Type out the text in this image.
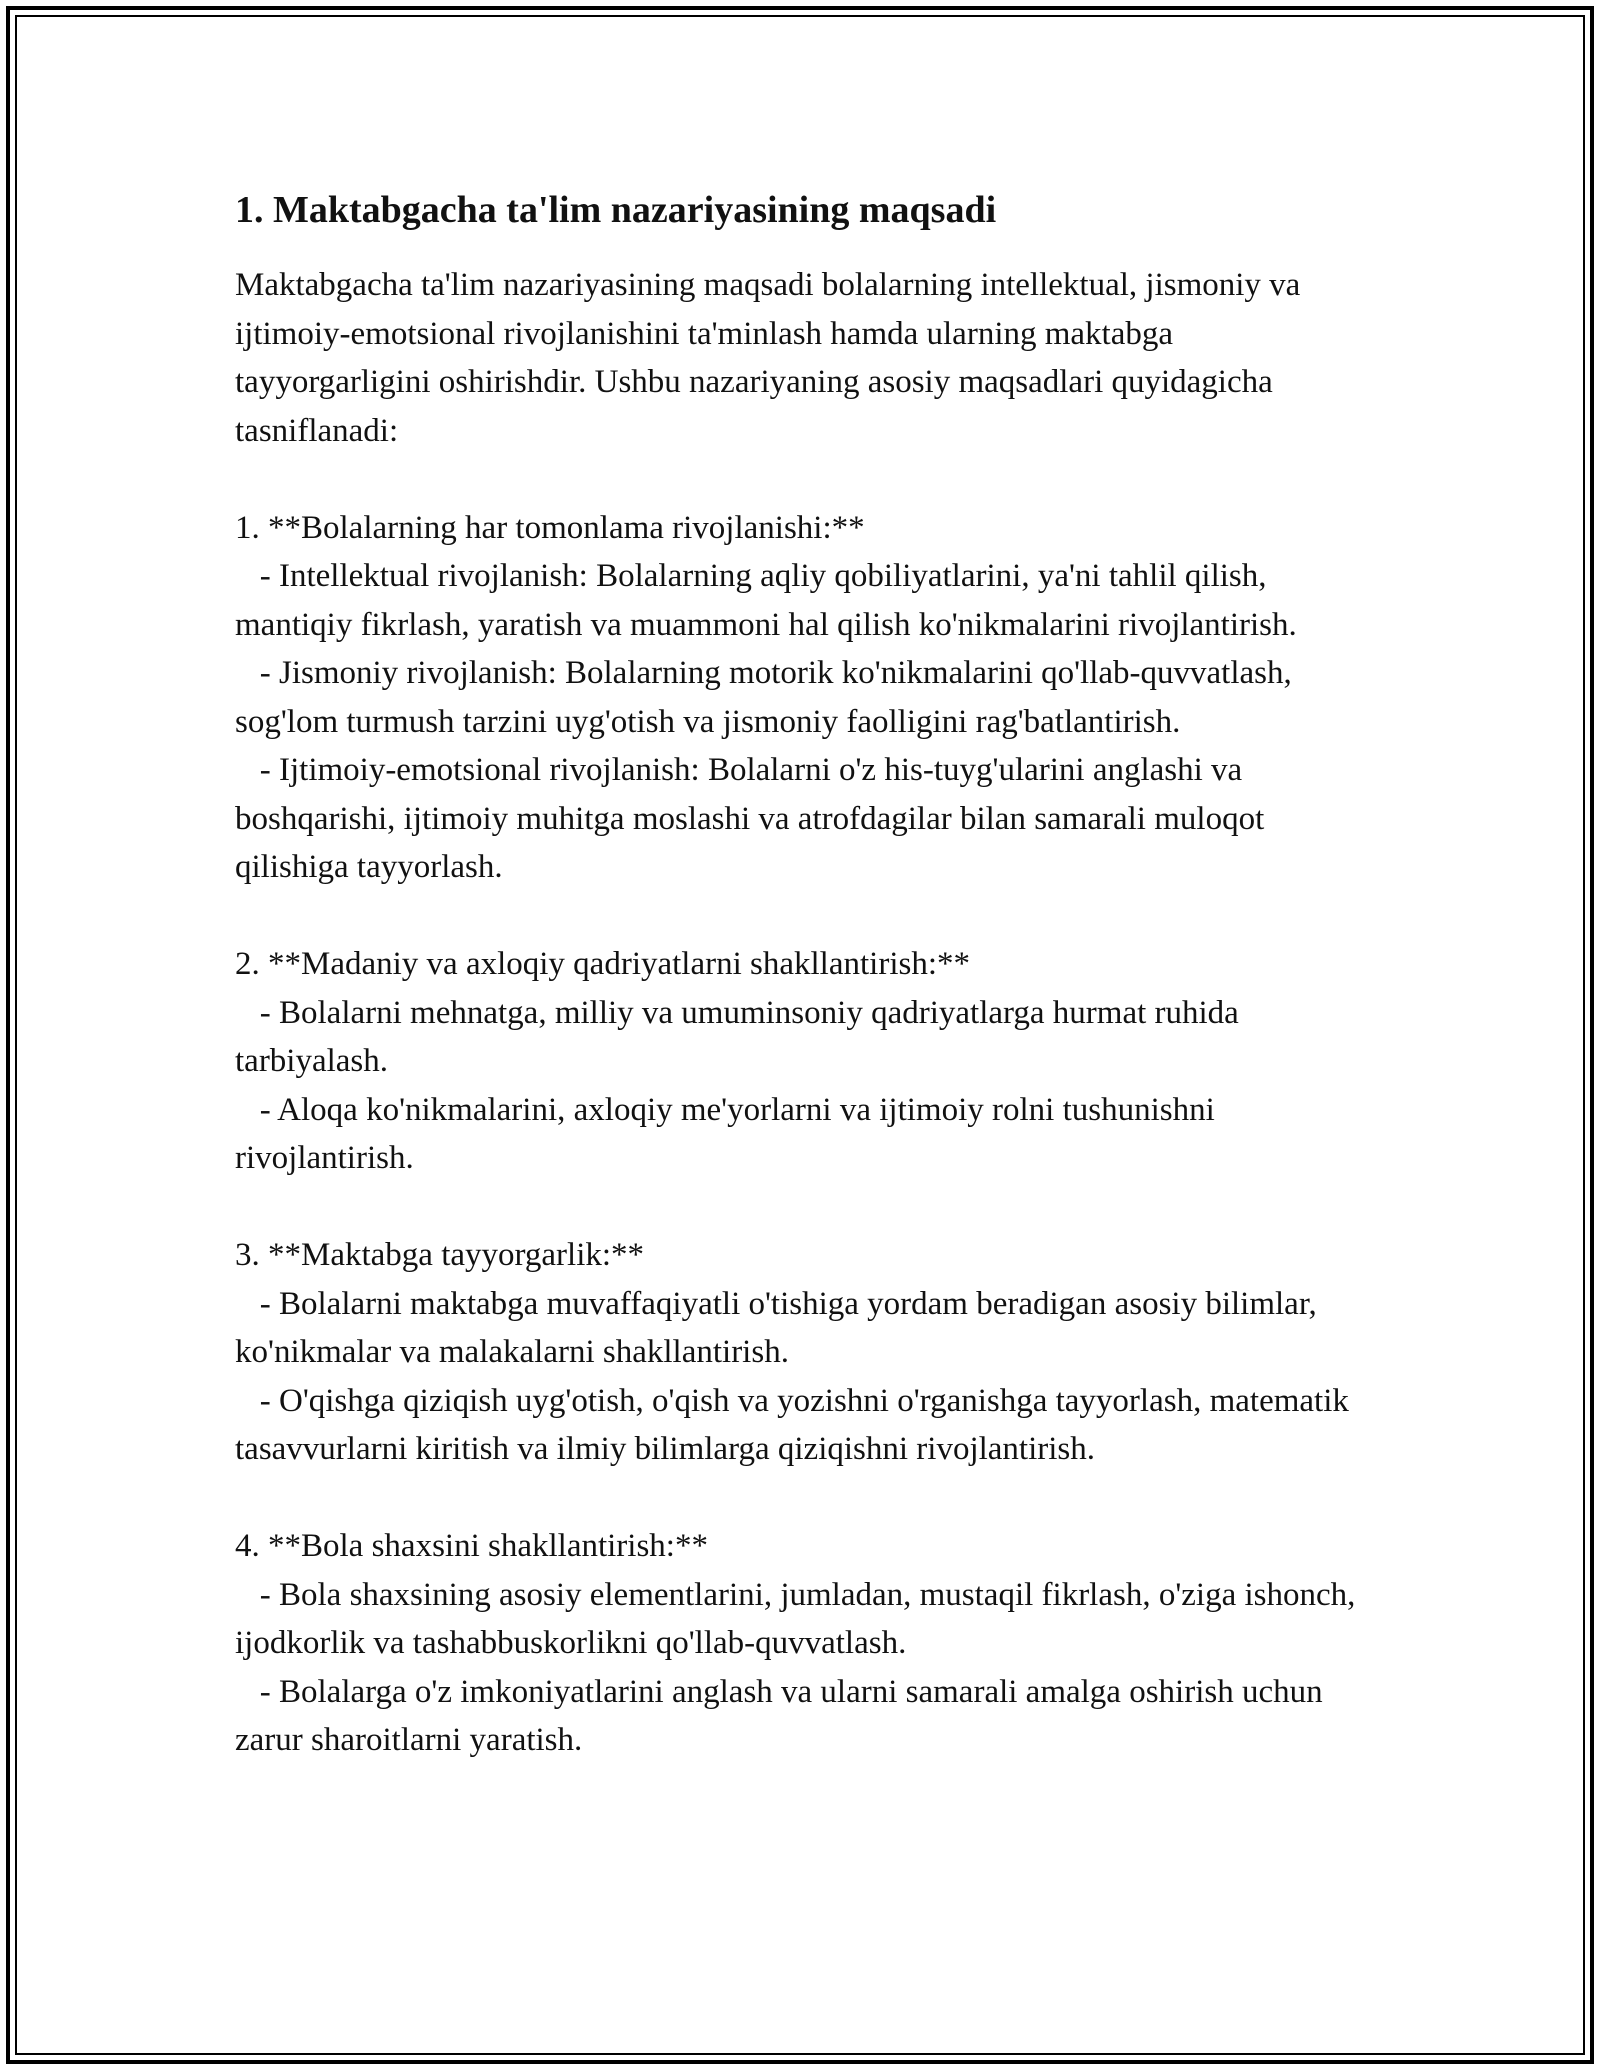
1. Maktabgacha ta'lim nazariyasining maqsadi

Maktabgacha ta'lim nazariyasining maqsadi bolalarning intellektual, jismoniy va ijtimoiy-emotsional rivojlanishini ta'minlash hamda ularning maktabga tayyorgarligini oshirishdir. Ushbu nazariyaning asosiy maqsadlari quyidagicha tasniflanadi:

1. **Bolalarning har tomonlama rivojlanishi:**

- Intellektual rivojlanish: Bolalarning aqliy qobiliyatlarini, ya'ni tahlil qilish, mantiqiy fikrlash, yaratish va muammoni hal qilish ko'nikmalarini rivojlantirish.

- Jismoniy rivojlanish: Bolalarning motorik ko'nikmalarini qo'llab-quvvatlash, sog'lom turmush tarzini uyg'otish va jismoniy faolligini rag'batlantirish.

- Ijtimoiy-emotsional rivojlanish: Bolalarni o'z his-tuyg'ularini anglashi va boshqarishi, ijtimoiy muhitga moslashi va atrofdagilar bilan samarali muloqot qilishiga tayyorlash.

2. **Madaniy va axloqiy qadriyatlarni shakllantirish:**

- Bolalarni mehnatga, milliy va umuminsoniy qadriyatlarga hurmat ruhida tarbiyalash.

- Aloqa ko'nikmalarini, axloqiy me'yorlarni va ijtimoiy rolni tushunishni rivojlantirish.

3. **Maktabga tayyorgarlik:**

- Bolalarni maktabga muvaffaqiyatli o'tishiga yordam beradigan asosiy bilimlar, ko'nikmalar va malakalarni shakllantirish.

- O'qishga qiziqish uyg'otish, o'qish va yozishni o'rganishga tayyorlash, matematik tasavvurlarni kiritish va ilmiy bilimlarga qiziqishni rivojlantirish.

4. **Bola shaxsini shakllantirish:**

- Bola shaxsining asosiy elementlarini, jumladan, mustaqil fikrlash, o'ziga ishonch, ijodkorlik va tashabbuskorlikni qo'llab-quvvatlash.

- Bolalarga o'z imkoniyatlarini anglash va ularni samarali amalga oshirish uchun zarur sharoitlarni yaratish.
